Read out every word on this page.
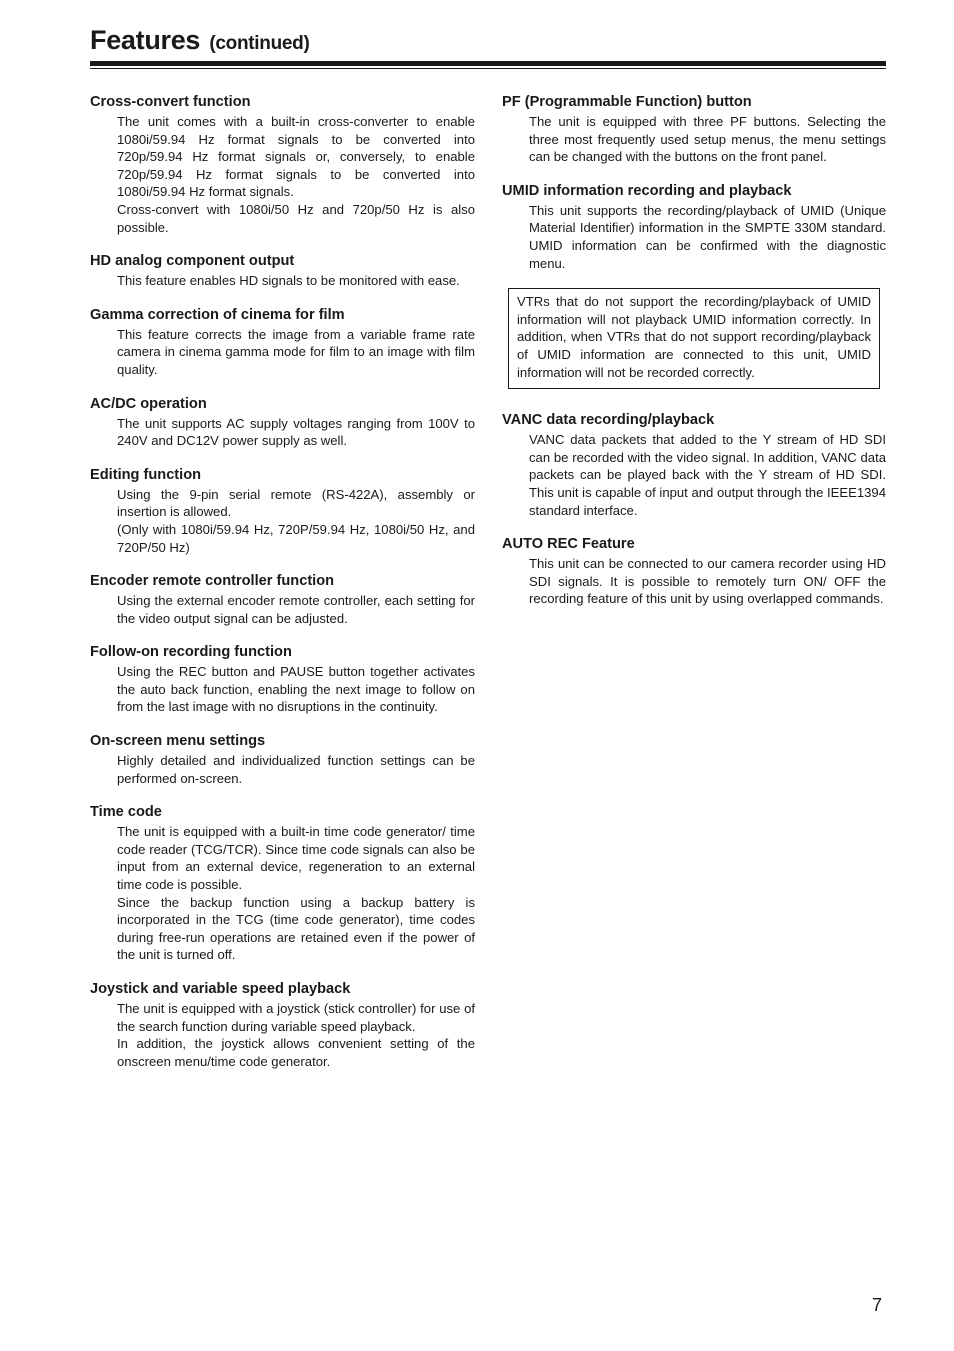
Features (continued)
Cross-convert function

The unit comes with a built-in cross-converter to enable 1080i/59.94 Hz format signals to be converted into 720p/59.94 Hz format signals or, conversely, to enable 720p/59.94 Hz format signals to be converted into 1080i/59.94 Hz format signals.

Cross-convert with 1080i/50 Hz and 720p/50 Hz is also possible.

HD analog component output

This feature enables HD signals to be monitored with ease.

Gamma correction of cinema for film

This feature corrects the image from a variable frame rate camera in cinema gamma mode for film to an image with film quality.

AC/DC operation

The unit supports AC supply voltages ranging from 100V to 240V and DC12V power supply as well.

Editing function

Using the 9-pin serial remote (RS-422A), assembly or insertion is allowed.

(Only with 1080i/59.94 Hz, 720P/59.94 Hz, 1080i/50 Hz, and 720P/50 Hz)

Encoder remote controller function

Using the external encoder remote controller, each setting for the video output signal can be adjusted.

Follow-on recording function

Using the REC button and PAUSE button together activates the auto back function, enabling the next image to follow on from the last image with no disruptions in the continuity.

On-screen menu settings

Highly detailed and individualized function settings can be performed on-screen.

Time code

The unit is equipped with a built-in time code generator/ time code reader (TCG/TCR). Since time code signals can also be input from an external device, regeneration to an external time code is possible.

Since the backup function using a backup battery is incorporated in the TCG (time code generator), time codes during free-run operations are retained even if the power of the unit is turned off.

Joystick and variable speed playback

The unit is equipped with a joystick (stick controller) for use of the search function during variable speed playback.

In addition, the joystick allows convenient setting of the onscreen menu/time code generator.

PF (Programmable Function) button

The unit is equipped with three PF buttons. Selecting the three most frequently used setup menus, the menu settings can be changed with the buttons on the front panel.

UMID information recording and playback

This unit supports the recording/playback of UMID (Unique Material Identifier) information in the SMPTE 330M standard. UMID information can be confirmed with the diagnostic menu.

VTRs that do not support the recording/playback of UMID information will not playback UMID information correctly. In addition, when VTRs that do not support recording/playback of UMID information are connected to this unit, UMID information will not be recorded correctly.
VANC data recording/playback

VANC data packets that added to the Y stream of HD SDI can be recorded with the video signal. In addition, VANC data packets can be played back with the Y stream of HD SDI. This unit is capable of input and output through the IEEE1394 standard interface.

AUTO REC Feature

This unit can be connected to our camera recorder using HD SDI signals. It is possible to remotely turn ON/ OFF the recording feature of this unit by using overlapped commands.

7
